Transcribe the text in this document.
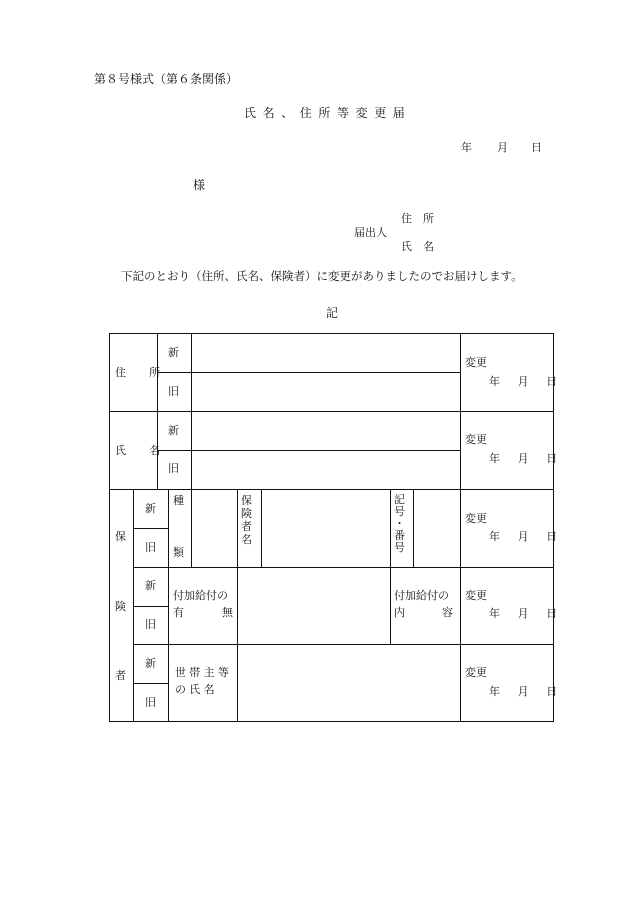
第８号様式（第６条関係）
氏名、住所等変更届
年 月 日
様
住　所
届出人
氏　名
下記のとおり（住所、氏名、保険者）に変更がありましたのでお届けします。
記
住　所
新
旧
変更
年　月　日
氏　名
新
旧
変更
年　月　日
保
険
者
新
旧
新
旧
新
旧
種
類
保
険
者
名
記
号
・
番
号
変更
年　月　日
付加給付の
有	無
付加給付の
内	容
変更
年　月　日
世帯主等
の氏名
変更
年　月　日
